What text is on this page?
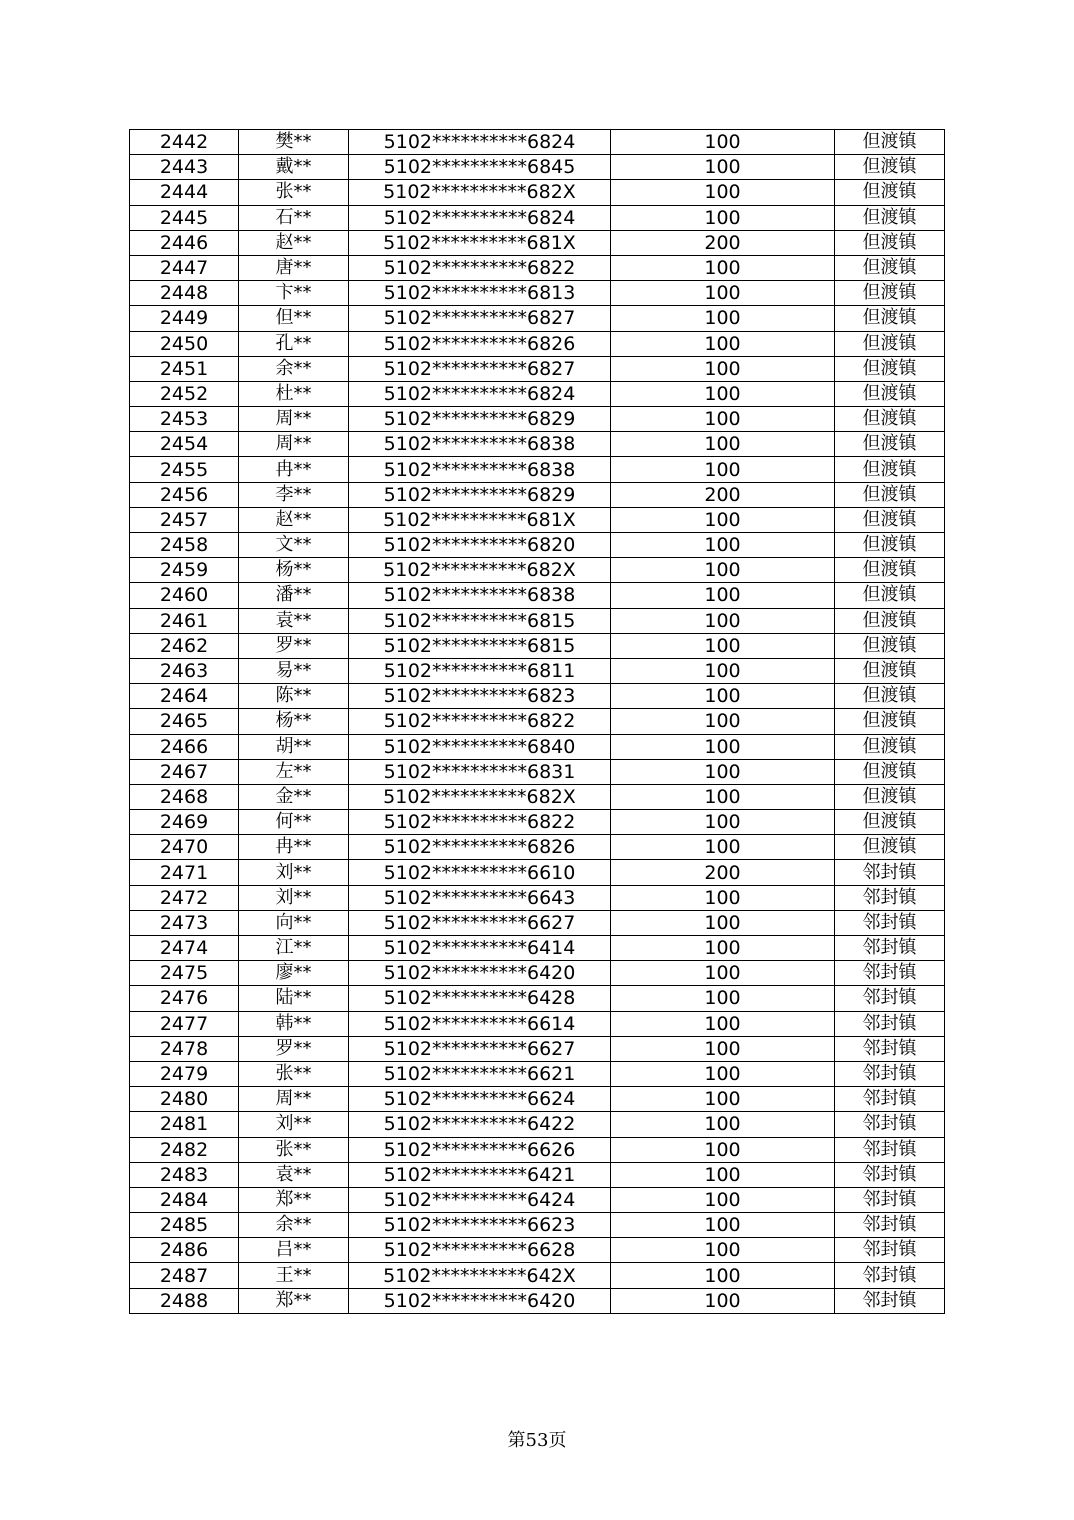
2442	樊**	5102**********6824	100	但渡镇
2443	戴**	5102**********6845	100	但渡镇
2444	张**	5102**********682X	100	但渡镇
2445	石**	5102**********6824	100	但渡镇
2446	赵**	5102**********681X	200	但渡镇
2447	唐**	5102**********6822	100	但渡镇
2448	卞**	5102**********6813	100	但渡镇
2449	但**	5102**********6827	100	但渡镇
2450	孔**	5102**********6826	100	但渡镇
2451	余**	5102**********6827	100	但渡镇
2452	杜**	5102**********6824	100	但渡镇
2453	周**	5102**********6829	100	但渡镇
2454	周**	5102**********6838	100	但渡镇
2455	冉**	5102**********6838	100	但渡镇
2456	李**	5102**********6829	200	但渡镇
2457	赵**	5102**********681X	100	但渡镇
2458	文**	5102**********6820	100	但渡镇
2459	杨**	5102**********682X	100	但渡镇
2460	潘**	5102**********6838	100	但渡镇
2461	袁**	5102**********6815	100	但渡镇
2462	罗**	5102**********6815	100	但渡镇
2463	易**	5102**********6811	100	但渡镇
2464	陈**	5102**********6823	100	但渡镇
2465	杨**	5102**********6822	100	但渡镇
2466	胡**	5102**********6840	100	但渡镇
2467	左**	5102**********6831	100	但渡镇
2468	金**	5102**********682X	100	但渡镇
2469	何**	5102**********6822	100	但渡镇
2470	冉**	5102**********6826	100	但渡镇
2471	刘**	5102**********6610	200	邻封镇
2472	刘**	5102**********6643	100	邻封镇
2473	向**	5102**********6627	100	邻封镇
2474	江**	5102**********6414	100	邻封镇
2475	廖**	5102**********6420	100	邻封镇
2476	陆**	5102**********6428	100	邻封镇
2477	韩**	5102**********6614	100	邻封镇
2478	罗**	5102**********6627	100	邻封镇
2479	张**	5102**********6621	100	邻封镇
2480	周**	5102**********6624	100	邻封镇
2481	刘**	5102**********6422	100	邻封镇
2482	张**	5102**********6626	100	邻封镇
2483	袁**	5102**********6421	100	邻封镇
2484	郑**	5102**********6424	100	邻封镇
2485	余**	5102**********6623	100	邻封镇
2486	吕**	5102**********6628	100	邻封镇
2487	王**	5102**********642X	100	邻封镇
2488	郑**	5102**********6420	100	邻封镇
第53页
